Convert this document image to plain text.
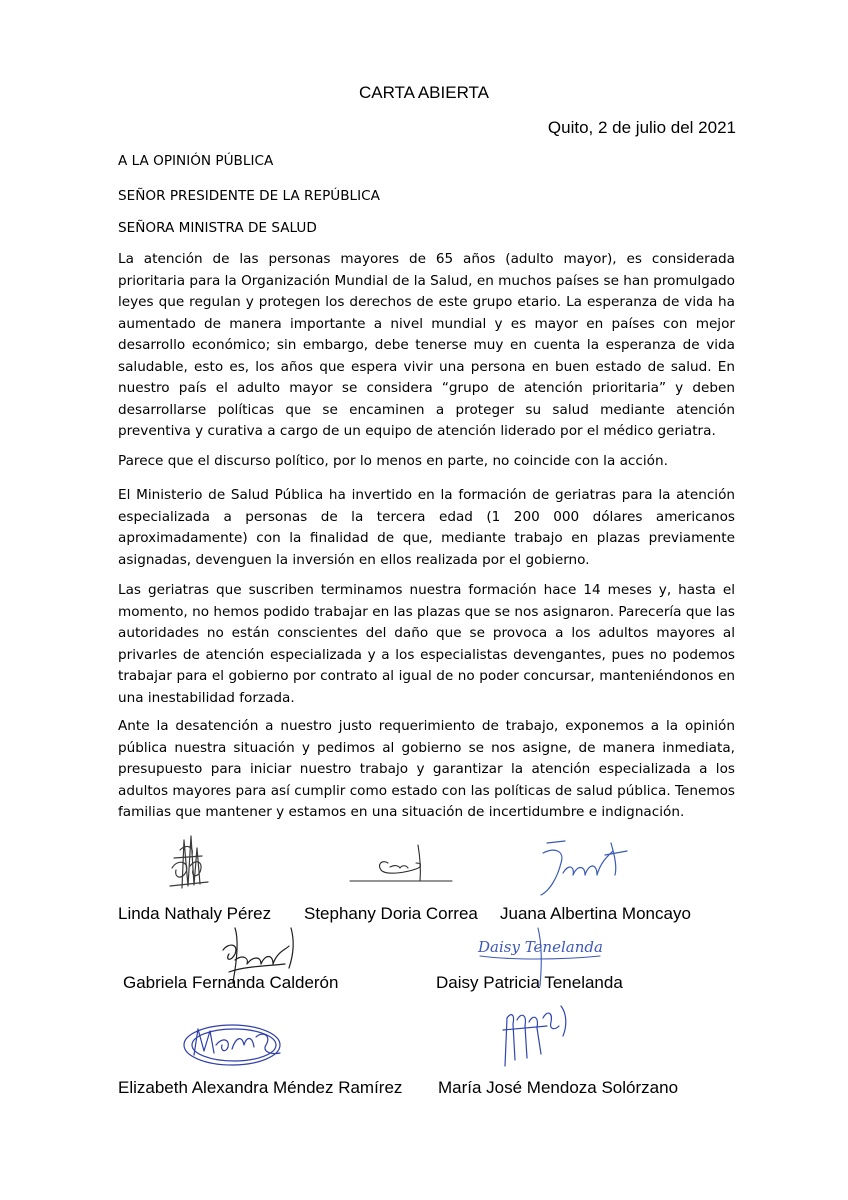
CARTA ABIERTA
Quito, 2 de julio del 2021
A LA OPINIÓN PÚBLICA
SEÑOR PRESIDENTE DE LA REPÚBLICA
SEÑORA MINISTRA DE SALUD
La atención de las personas mayores de 65 años (adulto mayor), es considerada prioritaria para la Organización Mundial de la Salud, en muchos países se han promulgado leyes que regulan y protegen los derechos de este grupo etario. La esperanza de vida ha aumentado de manera importante a nivel mundial y es mayor en países con mejor desarrollo económico; sin embargo, debe tenerse muy en cuenta la esperanza de vida saludable, esto es, los años que espera vivir una persona en buen estado de salud. En nuestro país el adulto mayor se considera “grupo de atención prioritaria” y deben desarrollarse políticas que se encaminen a proteger su salud mediante atención preventiva y curativa a cargo de un equipo de atención liderado por el médico geriatra.
Parece que el discurso político, por lo menos en parte, no coincide con la acción.
El Ministerio de Salud Pública ha invertido en la formación de geriatras para la atención especializada a personas de la tercera edad (1 200 000 dólares americanos aproximadamente) con la finalidad de que, mediante trabajo en plazas previamente asignadas, devenguen la inversión en ellos realizada por el gobierno.
Las geriatras que suscriben terminamos nuestra formación hace 14 meses y, hasta el momento, no hemos podido trabajar en las plazas que se nos asignaron. Parecería que las autoridades no están conscientes del daño que se provoca a los adultos mayores al privarles de atención especializada y a los especialistas devengantes, pues no podemos trabajar para el gobierno por contrato al igual de no poder concursar, manteniéndonos en una inestabilidad forzada.
Ante la desatención a nuestro justo requerimiento de trabajo, exponemos a la opinión pública nuestra situación y pedimos al gobierno se nos asigne, de manera inmediata, presupuesto para iniciar nuestro trabajo y garantizar la atención especializada a los adultos mayores para así cumplir como estado con las políticas de salud pública. Tenemos familias que mantener y estamos en una situación de incertidumbre e indignación.
Linda Nathaly Pérez Stephany Doria Correa Juana Albertina Moncayo
Daisy Tenelanda
Gabriela Fernanda Calderón	Daisy Patricia Tenelanda
Elizabeth Alexandra Méndez Ramírez María José Mendoza Solórzano
